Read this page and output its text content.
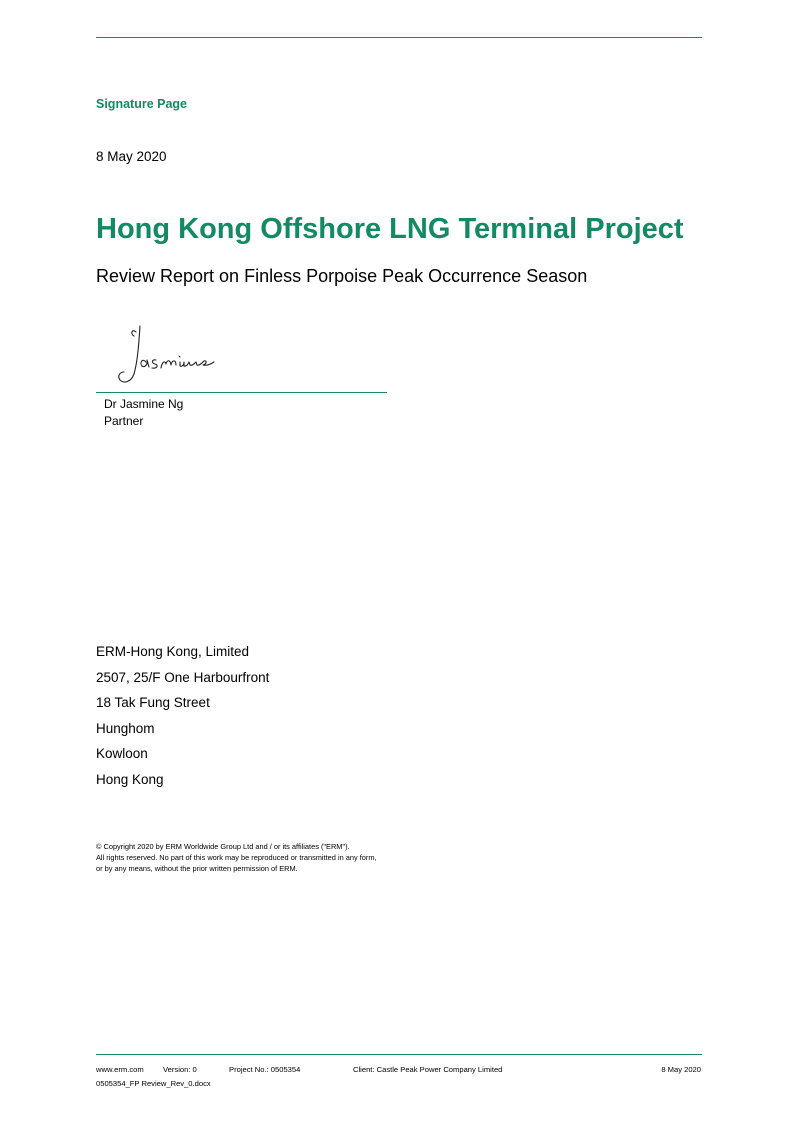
Signature Page
8 May 2020
Hong Kong Offshore LNG Terminal Project
Review Report on Finless Porpoise Peak Occurrence Season
Dr Jasmine Ng
Partner
ERM-Hong Kong, Limited
2507, 25/F One Harbourfront
18 Tak Fung Street
Hunghom
Kowloon
Hong Kong
© Copyright 2020 by ERM Worldwide Group Ltd and / or its affiliates ("ERM").
All rights reserved. No part of this work may be reproduced or transmitted in any form,
or by any means, without the prior written permission of ERM.
www.erm.com	Version: 0	Project No.: 0505354	Client: Castle Peak Power Company Limited	8 May 2020
0505354_FP Review_Rev_0.docx
